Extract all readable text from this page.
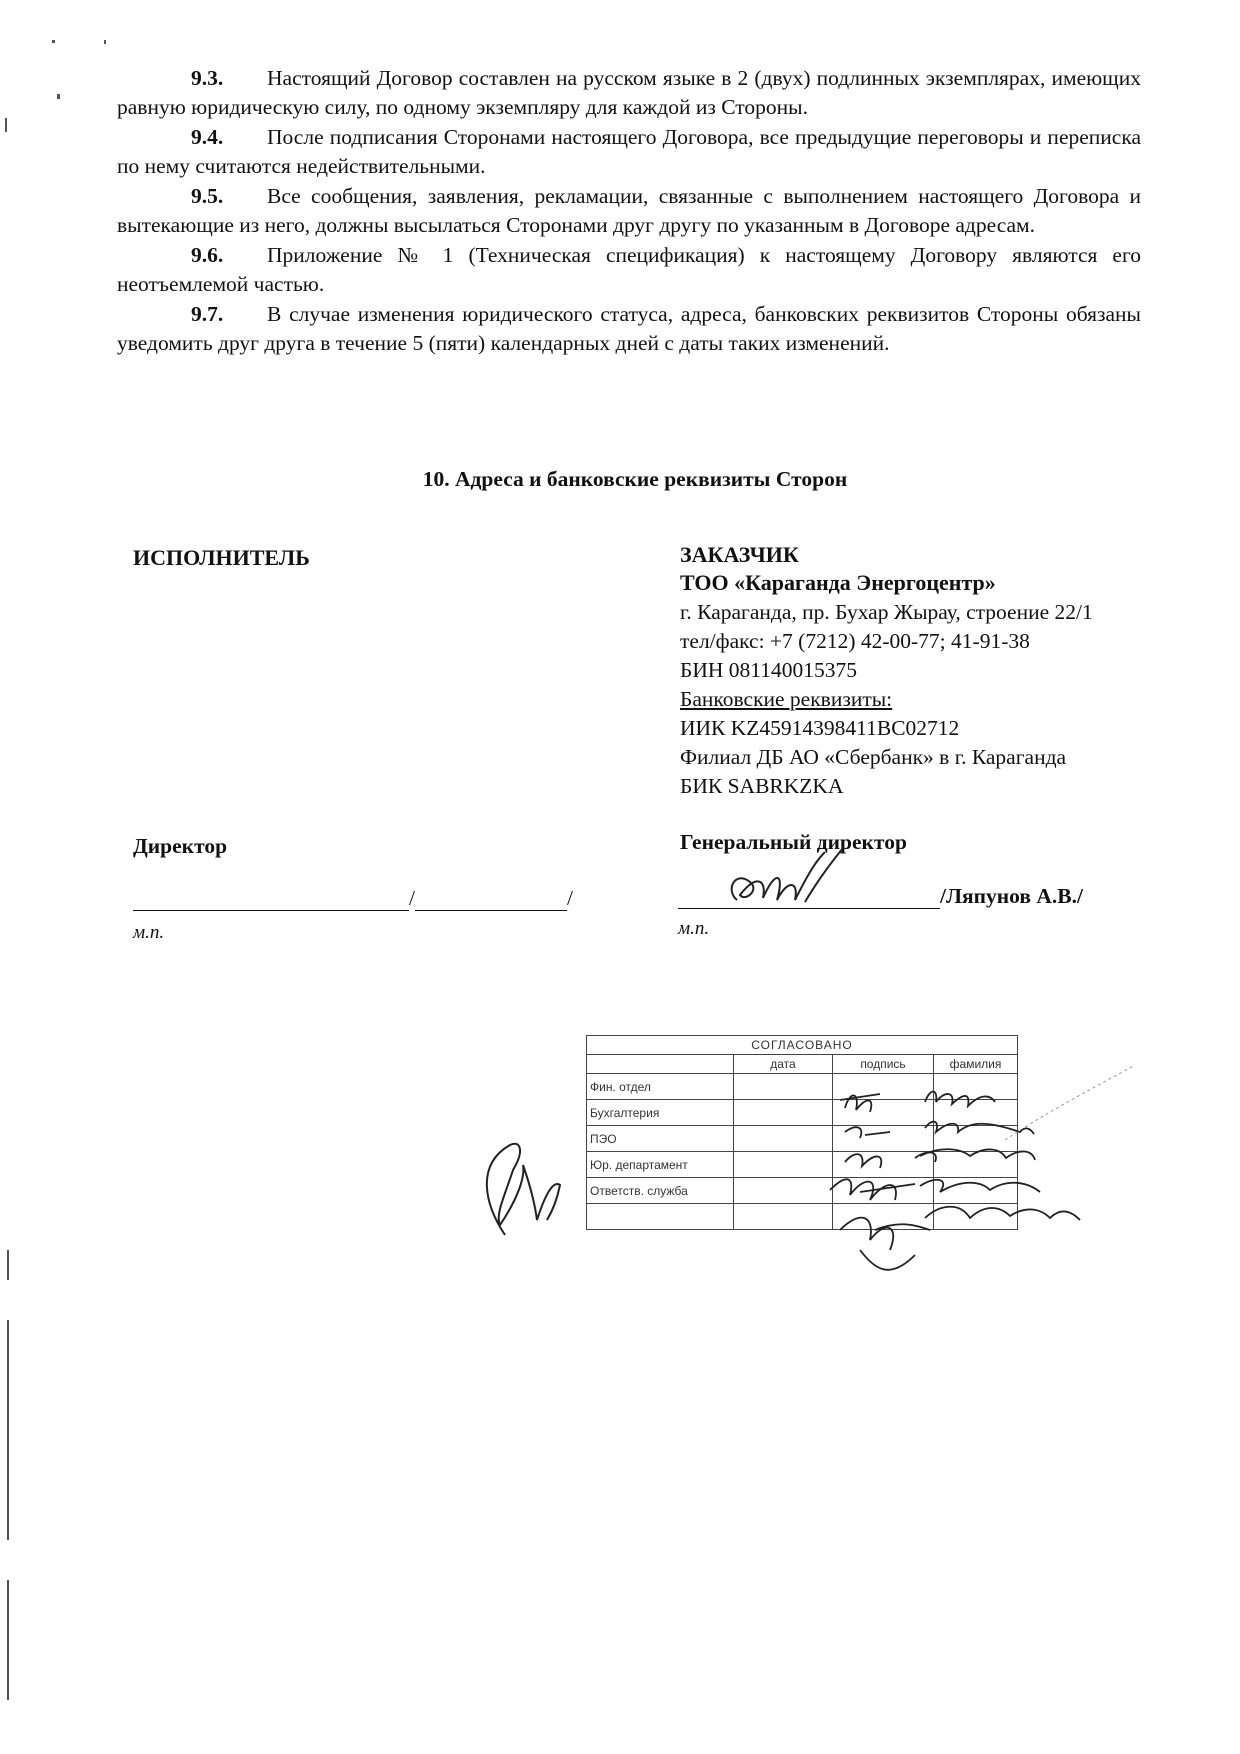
9.3. Настоящий Договор составлен на русском языке в 2 (двух) подлинных экземплярах, имеющих равную юридическую силу, по одному экземпляру для каждой из Стороны.

9.4. После подписания Сторонами настоящего Договора, все предыдущие переговоры и переписка по нему считаются недействительными.

9.5. Все сообщения, заявления, рекламации, связанные с выполнением настоящего Договора и вытекающие из него, должны высылаться Сторонами друг другу по указанным в Договоре адресам.

9.6. Приложение № 1 (Техническая спецификация) к настоящему Договору являются его неотъемлемой частью.

9.7. В случае изменения юридического статуса, адреса, банковских реквизитов Стороны обязаны уведомить друг друга в течение 5 (пяти) календарных дней с даты таких изменений.

10. Адреса и банковские реквизиты Сторон
ИСПОЛНИТЕЛЬ	ЗАКАЗЧИК
ТОО «Караганда Энергоцентр»
г. Караганда, пр. Бухар Жырау, строение 22/1
тел/факс: +7 (7212) 42-00-77; 41-91-38
БИН 081140015375
Банковские реквизиты:
ИИК KZ45914398411BC02712
Филиал ДБ АО «Сбербанк» в г. Караганда
БИК SABRKZKA
Директор	Генеральный директор
/	/	/Ляпунов А.В./
м.п.	м.п.
СОГЛАСОВАНО			
	дата	подпись	фамилия
Фин. отдел			
Бухгалтерия			
ПЭО			
Юр. департамент			
Ответств. служба			
